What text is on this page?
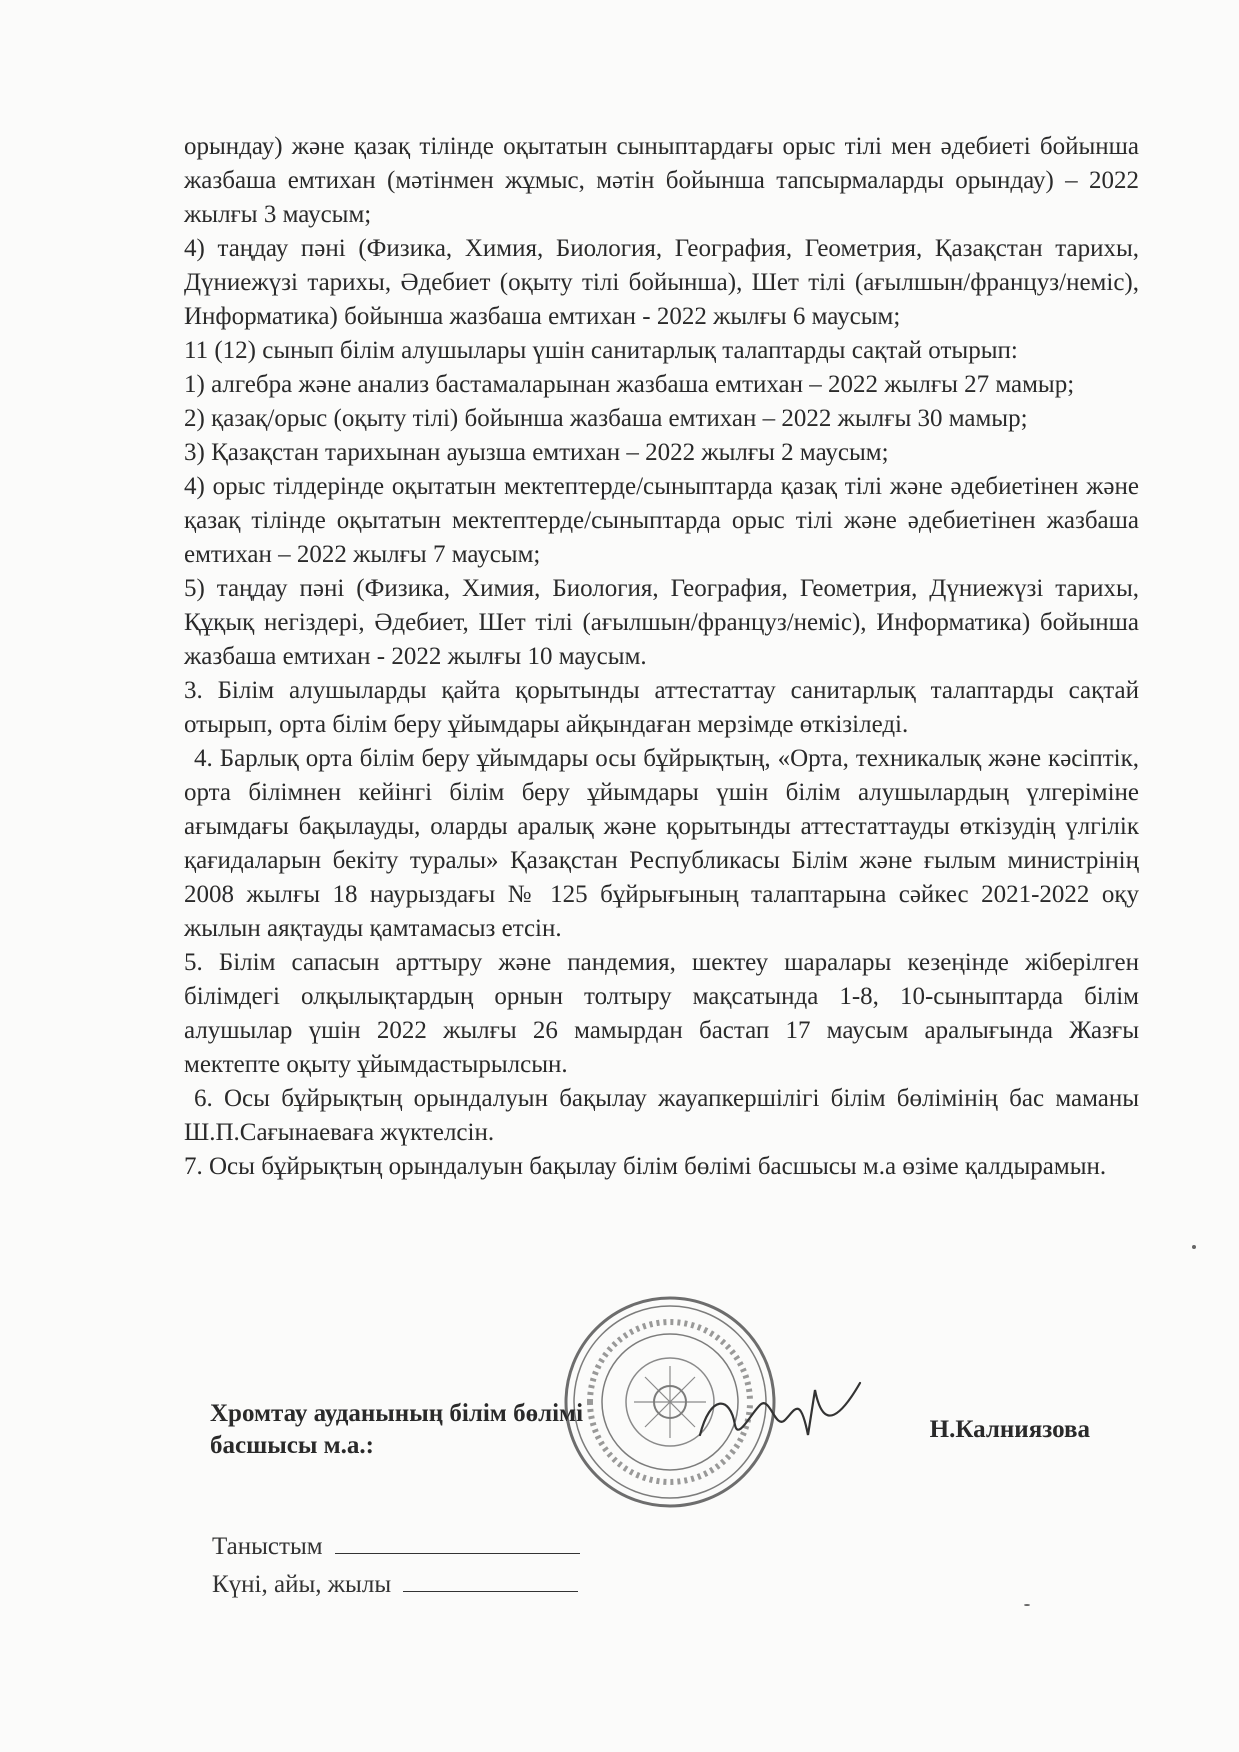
орындау) және қазақ тілінде оқытатын сыныптардағы орыс тілі мен әдебиеті бойынша жазбаша емтихан (мәтінмен жұмыс, мәтін бойынша тапсырмаларды орындау) – 2022 жылғы 3 маусым;

4) таңдау пәні (Физика, Химия, Биология, География, Геометрия, Қазақстан тарихы, Дүниежүзі тарихы, Әдебиет (оқыту тілі бойынша), Шет тілі (ағылшын/француз/неміс), Информатика) бойынша жазбаша емтихан - 2022 жылғы 6 маусым;

11 (12) сынып білім алушылары үшін санитарлық талаптарды сақтай отырып:

1) алгебра және анализ бастамаларынан жазбаша емтихан – 2022 жылғы 27 мамыр;

2) қазақ/орыс (оқыту тілі) бойынша жазбаша емтихан – 2022 жылғы 30 мамыр;

3) Қазақстан тарихынан ауызша емтихан – 2022 жылғы 2 маусым;

4) орыс тілдерінде оқытатын мектептерде/сыныптарда қазақ тілі және әдебиетінен және қазақ тілінде оқытатын мектептерде/сыныптарда орыс тілі және әдебиетінен жазбаша емтихан – 2022 жылғы 7 маусым;

5) таңдау пәні (Физика, Химия, Биология, География, Геометрия, Дүниежүзі тарихы, Құқық негіздері, Әдебиет, Шет тілі (ағылшын/француз/неміс), Информатика) бойынша жазбаша емтихан - 2022 жылғы 10 маусым.

3. Білім алушыларды қайта қорытынды аттестаттау санитарлық талаптарды сақтай отырып, орта білім беру ұйымдары айқындаған мерзімде өткізіледі.

4. Барлық орта білім беру ұйымдары осы бұйрықтың, «Орта, техникалық және кәсіптік, орта білімнен кейінгі білім беру ұйымдары үшін білім алушылардың үлгеріміне ағымдағы бақылауды, оларды аралық және қорытынды аттестаттауды өткізудің үлгілік қағидаларын бекіту туралы» Қазақстан Республикасы Білім және ғылым министрінің 2008 жылғы 18 наурыздағы № 125 бұйрығының талаптарына сәйкес 2021-2022 оқу жылын аяқтауды қамтамасыз етсін.

5. Білім сапасын арттыру және пандемия, шектеу шаралары кезеңінде жіберілген білімдегі олқылықтардың орнын толтыру мақсатында 1-8, 10-сыныптарда білім алушылар үшін 2022 жылғы 26 мамырдан бастап 17 маусым аралығында Жазғы мектепте оқыту ұйымдастырылсын.

6. Осы бұйрықтың орындалуын бақылау жауапкершілігі білім бөлімінің бас маманы Ш.П.Сағынаеваға жүктелсін.

7. Осы бұйрықтың орындалуын бақылау білім бөлімі басшысы м.а өзіме қалдырамын.

Хромтау ауданының білім бөлімі
басшысы м.а.:
Н.Калниязова
Таныстым
Күні, айы, жылы
